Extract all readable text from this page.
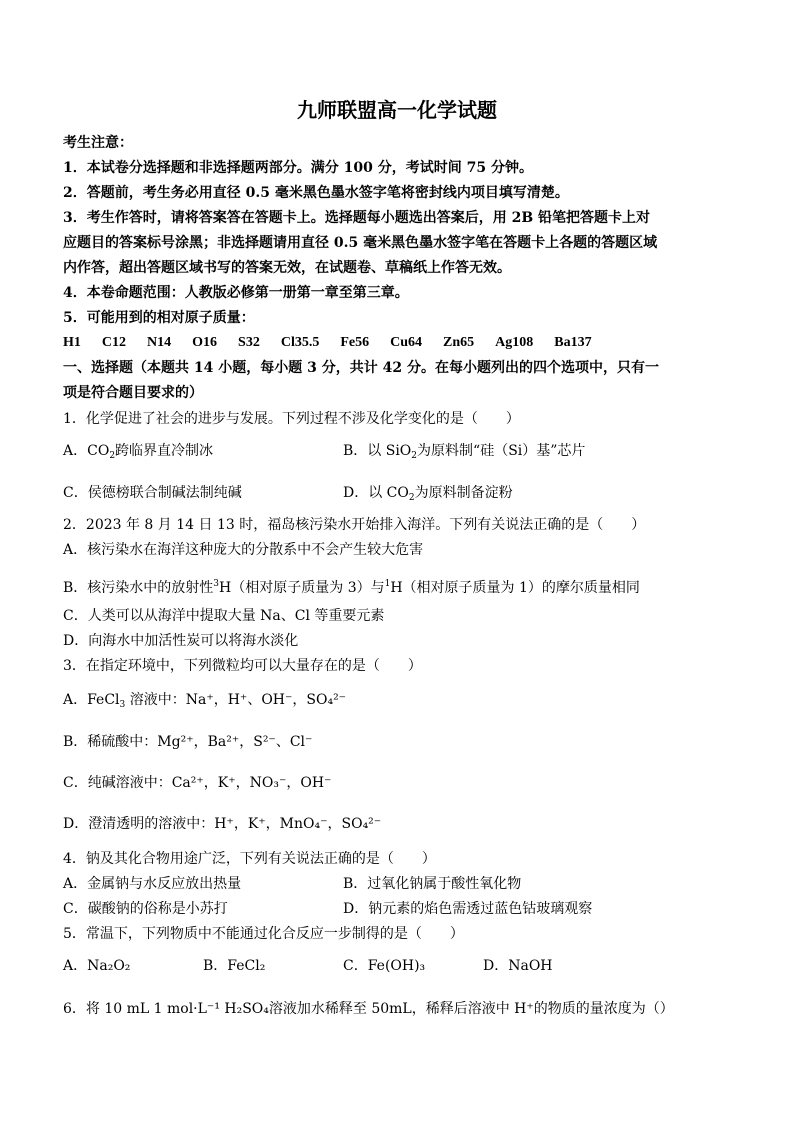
九师联盟高一化学试题
考生注意：
1．本试卷分选择题和非选择题两部分。满分 100 分，考试时间 75 分钟。
2．答题前，考生务必用直径 0.5 毫米黑色墨水签字笔将密封线内项目填写清楚。
3．考生作答时，请将答案答在答题卡上。选择题每小题选出答案后，用 2B 铅笔把答题卡上对
应题目的答案标号涂黑；非选择题请用直径 0.5 毫米黑色墨水签字笔在答题卡上各题的答题区域
内作答，超出答题区域书写的答案无效，在试题卷、草稿纸上作答无效。
4．本卷命题范围：人教版必修第一册第一章至第三章。
5．可能用到的相对原子质量：
H1 C12 N14 O16 S32 Cl35.5 Fe56 Cu64 Zn65 Ag108 Ba137
一、选择题（本题共 14 小题，每小题 3 分，共计 42 分。在每小题列出的四个选项中，只有一
项是符合题目要求的）
1．化学促进了社会的进步与发展。下列过程不涉及化学变化的是（　　）
A．$CO_2$跨临界直冷制冰	B．以 SiO$_2$为原料制“硅（Si）基”芯片
C．侯德榜联合制碱法制纯碱	D．以 $CO_2$为原料制备淀粉
2．2023 年 8 月 14 日 13 时，福岛核污染水开始排入海洋。下列有关说法正确的是（　　）
A．核污染水在海洋这种庞大的分散系中不会产生较大危害
B．核污染水中的放射性$^3$H（相对原子质量为 3）与$^1$H（相对原子质量为 1）的摩尔质量相同
C．人类可以从海洋中提取大量 Na、Cl 等重要元素
D．向海水中加活性炭可以将海水淡化
3．在指定环境中，下列微粒均可以大量存在的是（　　）
A．FeCl$_3$ 溶液中：Na⁺，H⁺、OH⁻，SO₄²⁻
B．稀硫酸中：Mg²⁺，Ba²⁺，S²⁻、Cl⁻
C．纯碱溶液中：Ca²⁺，K⁺，NO₃⁻，OH⁻
D．澄清透明的溶液中：H⁺，K⁺，MnO₄⁻，SO₄²⁻
4．钠及其化合物用途广泛，下列有关说法正确的是（　　）
A．金属钠与水反应放出热量	B．过氧化钠属于酸性氧化物
C．碳酸钠的俗称是小苏打	D．钠元素的焰色需透过蓝色钴玻璃观察
5．常温下，下列物质中不能通过化合反应一步制得的是（　　）
A．Na₂O₂	B．FeCl₂	C．Fe(OH)₃	D．NaOH
6．将 10 mL 1 mol·L⁻¹ H₂SO₄溶液加水稀释至 50mL，稀释后溶液中 H⁺的物质的量浓度为（）
